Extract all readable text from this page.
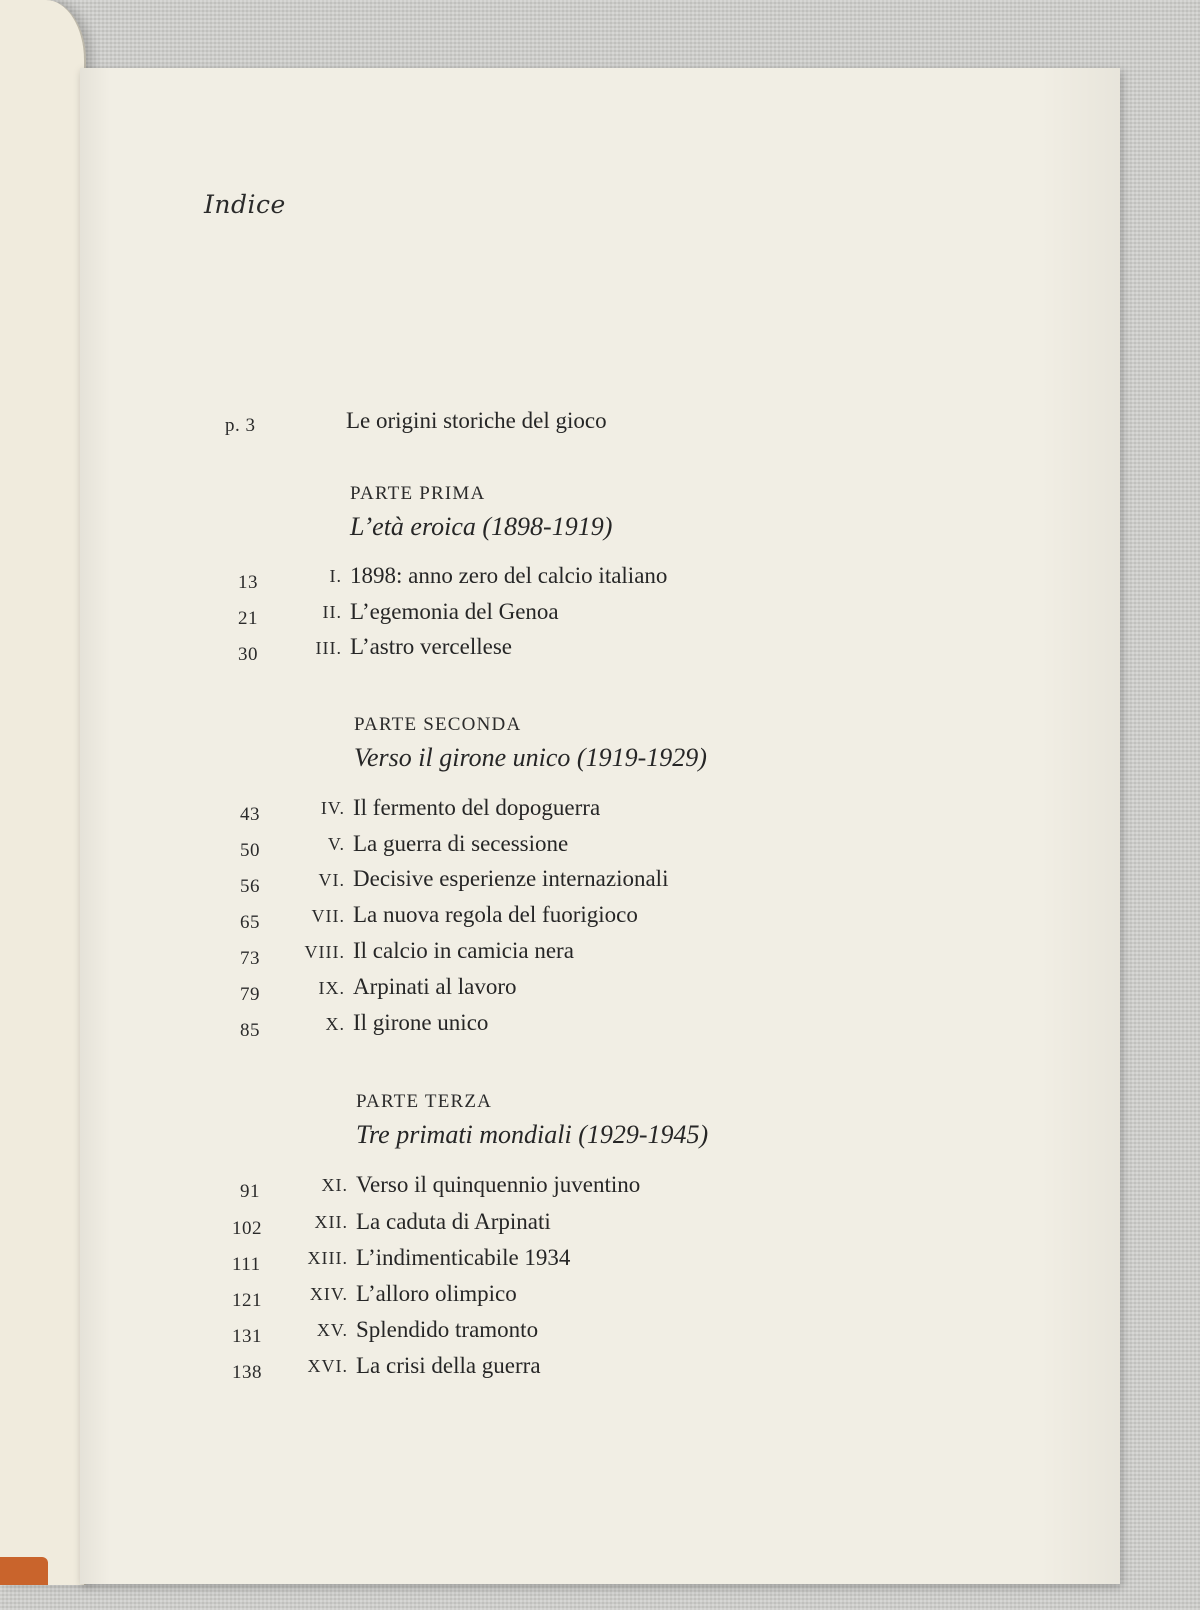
Indice
p. 3	Le origini storiche del gioco
PARTE PRIMA
L’età eroica (1898-1919)
13	I. 1898: anno zero del calcio italiano
21	II. L’egemonia del Genoa
30	III. L’astro vercellese
PARTE SECONDA
Verso il girone unico (1919-1929)
43	IV. Il fermento del dopoguerra
50	V. La guerra di secessione
56	VI. Decisive esperienze internazionali
65	VII. La nuova regola del fuorigioco
73	VIII. Il calcio in camicia nera
79	IX. Arpinati al lavoro
85	X. Il girone unico
PARTE TERZA
Tre primati mondiali (1929-1945)
91	XI. Verso il quinquennio juventino
102	XII. La caduta di Arpinati
111	XIII. L’indimenticabile 1934
121	XIV. L’alloro olimpico
131	XV. Splendido tramonto
138	XVI. La crisi della guerra
